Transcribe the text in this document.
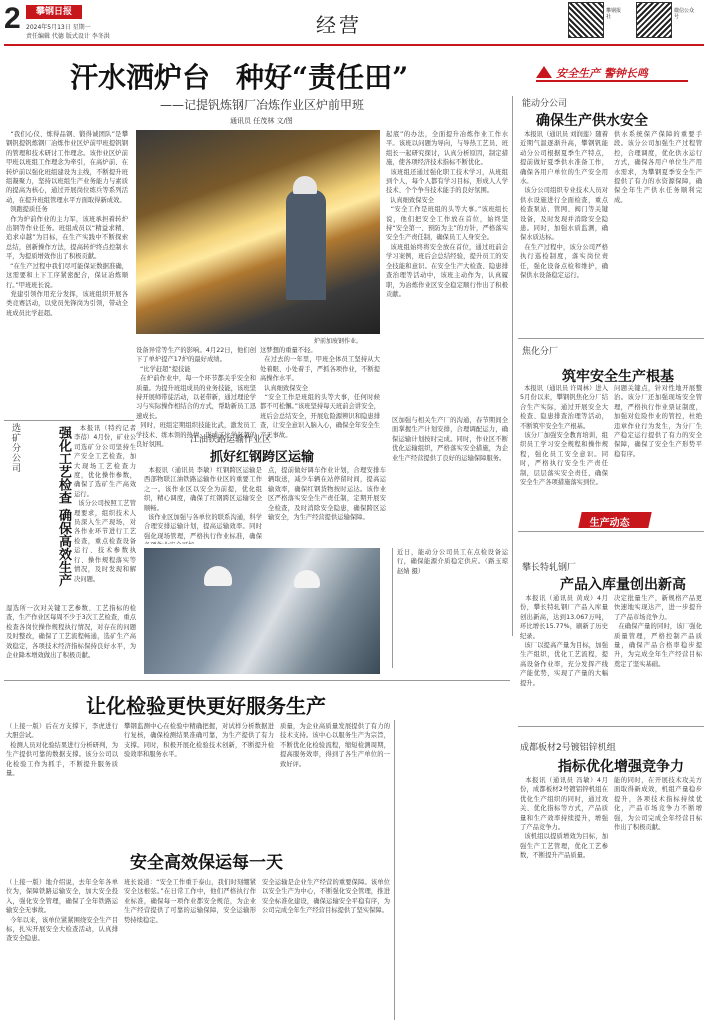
2	攀钢日报
2024年5月13日 星期一
责任编辑 代德 版式设计 李冬洪	经营
攀钢报社
微信公众号
汗水洒炉台 种好“责任田”
——记提钒炼钢厂冶炼作业区炉前甲班
通讯员 任茂林 文/图
安全生产 警钟长鸣
“我们心仪、炼得品钢、锻得诚团队”是攀钢钒提钒炼钢厂冶炼作业区炉前甲班提钒钢的管理和技术研讨工作理念。该作业区炉前甲班以班组工作理念为牵引，在高炉前、在转炉前以强化班组建设为主线，不断提升班组凝聚力，坚持以班组生产业务能力与素质的提高为核心，通过开展岗位练兵等系列活动，在提升班组管理水平方面取得新成效。
领跑提质任务
作为炉前作业的主力军，该班承担着转炉出钢等作业任务。班组成员以“精益求精、追求卓越”为目标，在生产实践中不断探索总结，创新操作方法，提高转炉终点控制水平，为提质增效作出了积极贡献。
“在生产过程中我们尽可能保证数据准确，这需要和上下工序紧密配合，保证冶炼顺行。”甲班班长说。
党建引领作用充分发挥，该班组织开展各类竞赛活动，以党员先锋岗为引领，带动全班成员比学赶超。
炉前加废钢作业。
设备异常等生产的影响。4月22日，他们创下了单炉提产17炉的最好成绩。
“比学赶超”提技能
在炉前作业中，每一个环节都关乎安全和质量。为提升班组成员的业务技能，该班坚持开展师带徒活动，以老带新，通过理论学习与实际操作相结合的方式，帮助新员工迅速成长。
同时，班组定期组织技能比武，激发员工学技术、练本领的热情，形成了比学赶超的良好氛围。
这梦想的重量不轻。
在过去的一年里，甲班全体员工坚持从大处着眼、小处着手，严抓各项作业，不断提高操作水平。
认真细致保安全
“安全工作是班组的头等大事，任何时候都不可松懈。”该班坚持每天班前会讲安全，班后会总结安全，开展危险源辨识和隐患排查，让安全意识入脑入心，确保全年安全生产无事故。
起底”的办法，全面提升冶炼作业工作水平。该班以问题为导向，与导热工艺员、班组长一起研究探讨，认真分析原因，制定措施，使各项经济技术指标不断优化。
该班组还通过强化职工技术学习，从班组到个人，每个人都有学习目标，形成人人学技术、个个争当技术能手的良好氛围。
认真细致保安全
“安全工作是班组的头等大事。”该班组长说，他们把安全工作放在首位，始终坚持“安全第一、预防为主”的方针，严格落实安全生产责任制，确保员工人身安全。
该班组始终将安全放在首位，通过班前会学习案例，班后会总结经验，提升员工的安全技能和意识。在安全生产大检查、隐患排查治理等活动中，该班主动作为，认真履职，为冶炼作业区安全稳定顺行作出了积极贡献。
能动分公司
确保生产供水安全
本报讯（通讯员 刘润莲）随着近期气温逐渐升高，攀钢钒能动分公司根据夏季生产特点，提前做好夏季供水准备工作，确保各用户单位的生产安全用水。
该分公司组织专业技术人员对供水设施进行全面检查，重点检查泵站、管网、阀门等关键设备，及时发现并消除安全隐患。同时，加强水质监测，确保水质达标。
在生产过程中，该分公司严格执行巡检制度，落实岗位责任，强化设备点检和维护，确保供水设备稳定运行。
供水系统保产保障的重要手段。该分公司加强生产过程管控，合理调度，优化供水运行方式，确保各用户单位生产用水需求，为攀钢夏季安全生产提供了有力的水资源保障，确保全年生产供水任务顺利完成。
焦化分厂
筑牢安全生产根基
本报讯（通讯员 许周林）进入5月份以来，攀钢钒焦化分厂结合生产实际，通过开展安全大检查、隐患排查治理等活动，不断筑牢安全生产根基。
该分厂加强安全教育培训，组织员工学习安全规程和操作规程，强化员工安全意识。同时，严格执行安全生产责任制，层层落实安全责任，确保安全生产各项措施落实到位。
问题关键点，针对性地开展整治。该分厂还加强现场安全管理，严格执行作业票证制度，加强对危险作业的管控，杜绝违章作业行为发生，为分厂生产稳定运行提供了有力的安全保障，确保了安全生产形势平稳有序。
生产动态
攀长特轧钢厂
产品入库量创出新高
本报讯（通讯员 黄成）4月份，攀长特轧钢厂产品入库量创出新高，达到13.067万吨，环比增长15.77%，刷新了历史纪录。
该厂以提高产量为目标，加强生产组织，优化工艺流程，提高设备作业率，充分发挥产线产能优势，实现了产量的大幅提升。
决定批量生产，新规格产品更快速地实现达产，进一步提升了产品市场竞争力。
在确保产量的同时，该厂强化质量管理，严格控制产品质量，确保产品合格率稳步提升，为完成全年生产经营目标奠定了坚实基础。
选矿分公司	强化工艺检查 确保高效生产	本报讯（特约记者 李蓓）4月份，矿业公司选矿分公司坚持生产安全工艺检查，加大现场工艺检查力度，优化操作参数，确保了选矿生产高效运行。
该分公司按照工艺管理要求，组织技术人员深入生产现场，对各作业环节进行工艺检查，重点检查设备运行、技术参数执行、操作规程落实等情况，及时发现和解决问题。
湿选所一次对关键工艺参数、工艺指标的检查，生产作业区每周不少于3次工艺检查，重点检查各岗位操作规程执行情况，对存在的问题及时整改，确保了工艺流程畅通，选矿生产高效稳定，各项技术经济指标保持良好水平，为企业降本增效做出了积极贡献。
江油铁路运输作业区
抓好红钢跨区运输
本报讯（通讯员 李敏）红钢跨区运输是西部物联江油铁路运输作业区的重要工作之一。该作业区以安全为前提，优化组织，精心调度，确保了红钢跨区运输安全顺畅。
该作业区加强与各单位的联系沟通，科学合理安排运输计划，提高运输效率。同时强化现场管理，严格执行作业标准，确保
点，提前做好调车作业计划，合理安排车辆取送，减少车辆在站停留时间，提高运输效率，确保红钢货物按时运达。该作业区严格落实安全生产责任制，定期开展安全检查，及时消除安全隐患，确保跨区运输安全，为生产经营提供运输保障。
区加强与相关生产厂的沟通，春节期间全面掌握生产计划安排，合理调配运力，确保运输计划按时完成。同时，作业区不断优化运输组织，严格落实安全措施，为企业生产经营提供了良好的运输保障服务。
近日，能动分公司员工在点检设备运行，确保能源介质稳定供应。（路玉琼 赵婧 摄）
让化检验更快更好服务生产
（上接一版）后在方支撑下，李虎进行大胆尝试。
检测人员对化验结果进行分析研判，为生产提供可靠的数据支撑。该分公司以化检验工作为抓手，不断提升服务质量。
攀钢监测中心在检验中精确把握，对试样分析数据进行复核，确保检测结果准确可靠，为生产提供了有力支撑。同时，积极开展化检验技术创新，不断提升检验效率和服务水平。
质量，为企业高质量发展提供了有力的技术支持。该中心以服务生产为宗旨，不断优化化检验流程，缩短检测周期，提高服务效率，得到了各生产单位的一致好评。
安全高效保运每一天
（上接一版）地介绍说，去年全年各单位为，保障铁路运输安全，加大安全投入，强化安全管理，确保了全年铁路运输安全无事故。
今年以来，该单位紧紧围绕安全生产目标，扎实开展安全大检查活动，认真排查安全隐患。
班长说道：“安全工作重于泰山，我们时刻绷紧安全这根弦。”在日常工作中，他们严格执行作业标准，确保每一项作业都安全规范，为企业生产经营提供了可靠的运输保障，安全运输形势持续稳定。
安全运输是企业生产经营的重要保障。该单位以安全生产为中心，不断强化安全管理，推进安全标准化建设，确保运输安全平稳有序，为公司完成全年生产经营目标提供了坚实保障。
成都板材2号镀铝锌机组
指标优化增强竞争力
本报讯（通讯员 冯敏）4月份，成都板材2号镀铝锌机组在优化生产组织的同时，通过攻关、优化指标等方式，产品质量和生产效率持续提升，增强了产品竞争力。
该机组以提质增效为目标，加强生产工艺管理，优化工艺参数，不断提升产品质量。
能的同时，在开展技术攻关方面取得新成效，机组产量稳步提升，各项技术指标持续优化，产品市场竞争力不断增强，为公司完成全年经营目标作出了积极贡献。
